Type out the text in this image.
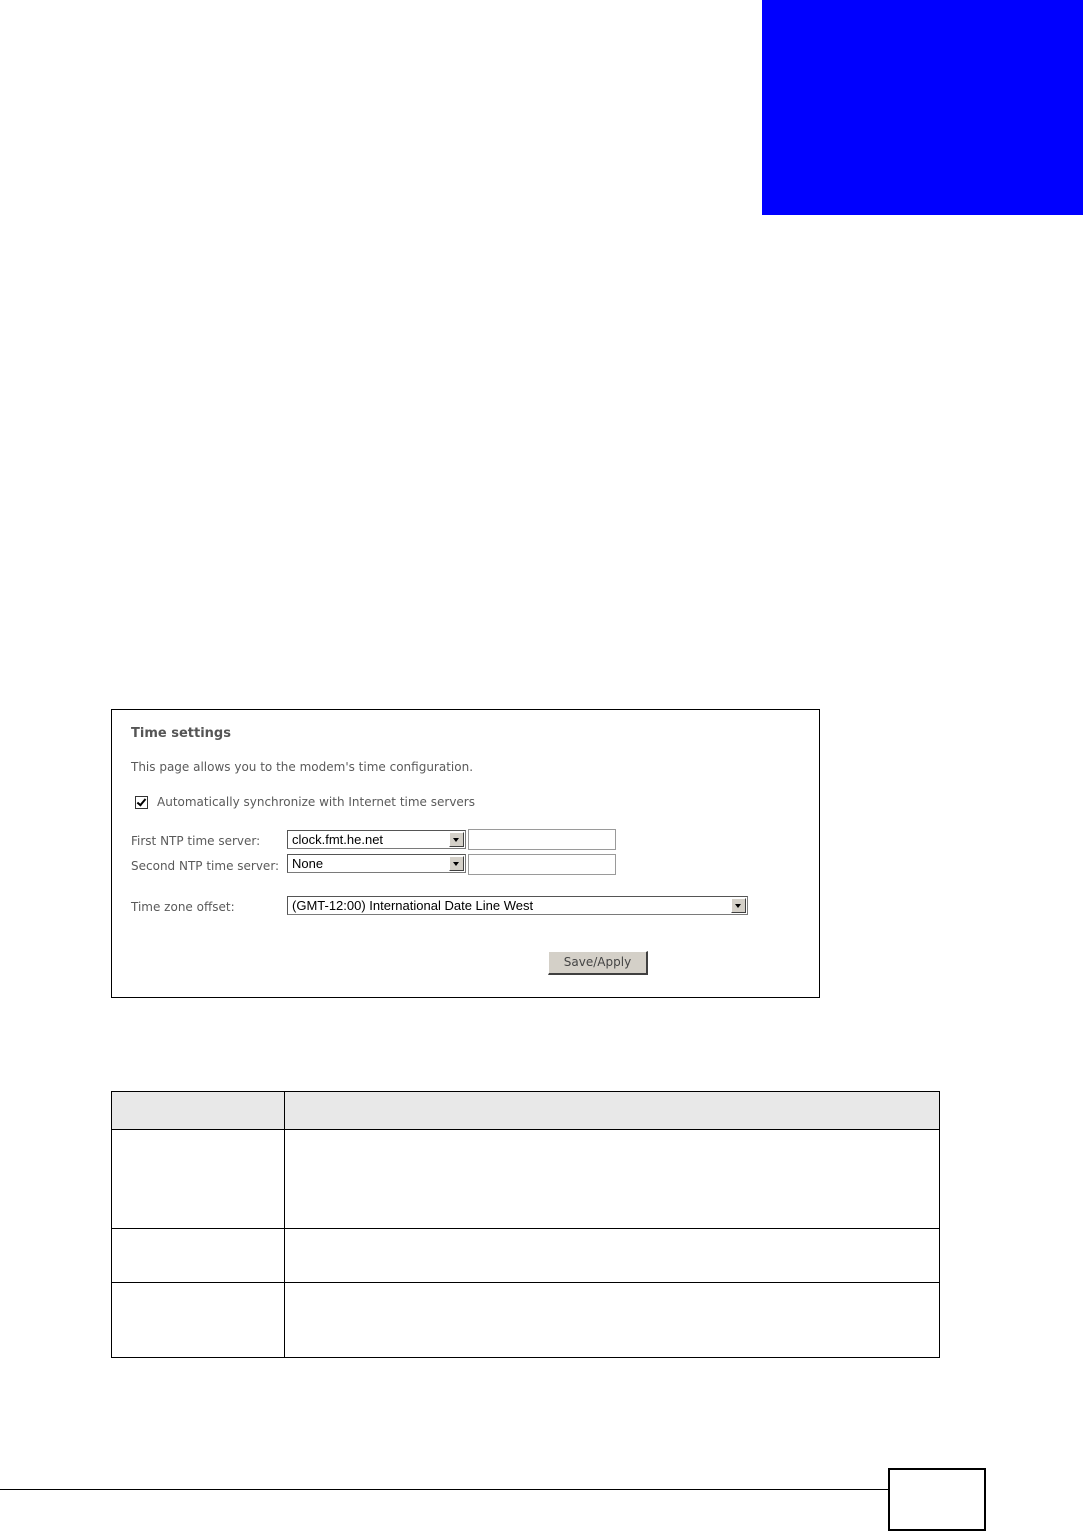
Time settings
This page allows you to the modem's time configuration.
Automatically synchronize with Internet time servers
First NTP time server: clock.fmt.he.net
Second NTP time server: None
Time zone offset:	(GMT-12:00) International Date Line West
Save/Apply
